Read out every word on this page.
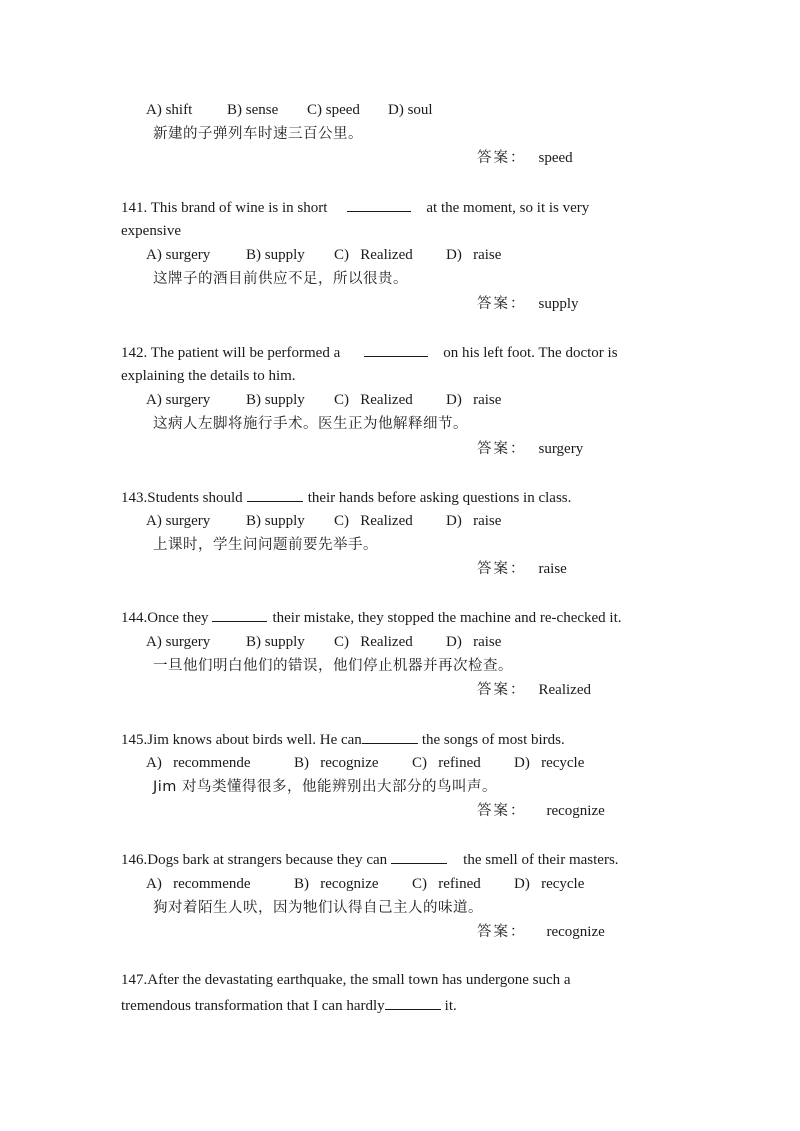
A) shift B) sense C) speed D) soul
新建的子弹列车时速三百公里。
答案： speed
141. This brand of wine is in short	at the moment, so it is very
expensive
A) surgery B) supply C)   Realized D)   raise
这牌子的酒目前供应不足，所以很贵。
答案： supply
142. The patient will be performed a	on his left foot. The doctor is
explaining the details to him.
A) surgery B) supply C)   Realized D)   raise
这病人左脚将施行手术。医生正为他解释细节。
答案： surgery
143.Students should	their hands before asking questions in class.
A) surgery B) supply C)   Realized D)   raise
上课时，学生问问题前要先举手。
答案： raise
144.Once they	their mistake, they stopped the machine and re-checked it.
A) surgery B) supply C)   Realized D)   raise
一旦他们明白他们的错误，他们停止机器并再次检查。
答案： Realized
145.Jim knows about birds well. He can	the songs of most birds.
A)   recommende	B)   recognize C)   refined D)   recycle
Jim 对鸟类懂得很多，他能辨别出大部分的鸟叫声。
答案： recognize
146.Dogs bark at strangers because they can	the smell of their masters.
A)   recommende	B)   recognize C)   refined D)   recycle
狗对着陌生人吠，因为牠们认得自己主人的味道。
答案： recognize
147.After the devastating earthquake, the small town has undergone such a
tremendous transformation that I can hardly	it.
